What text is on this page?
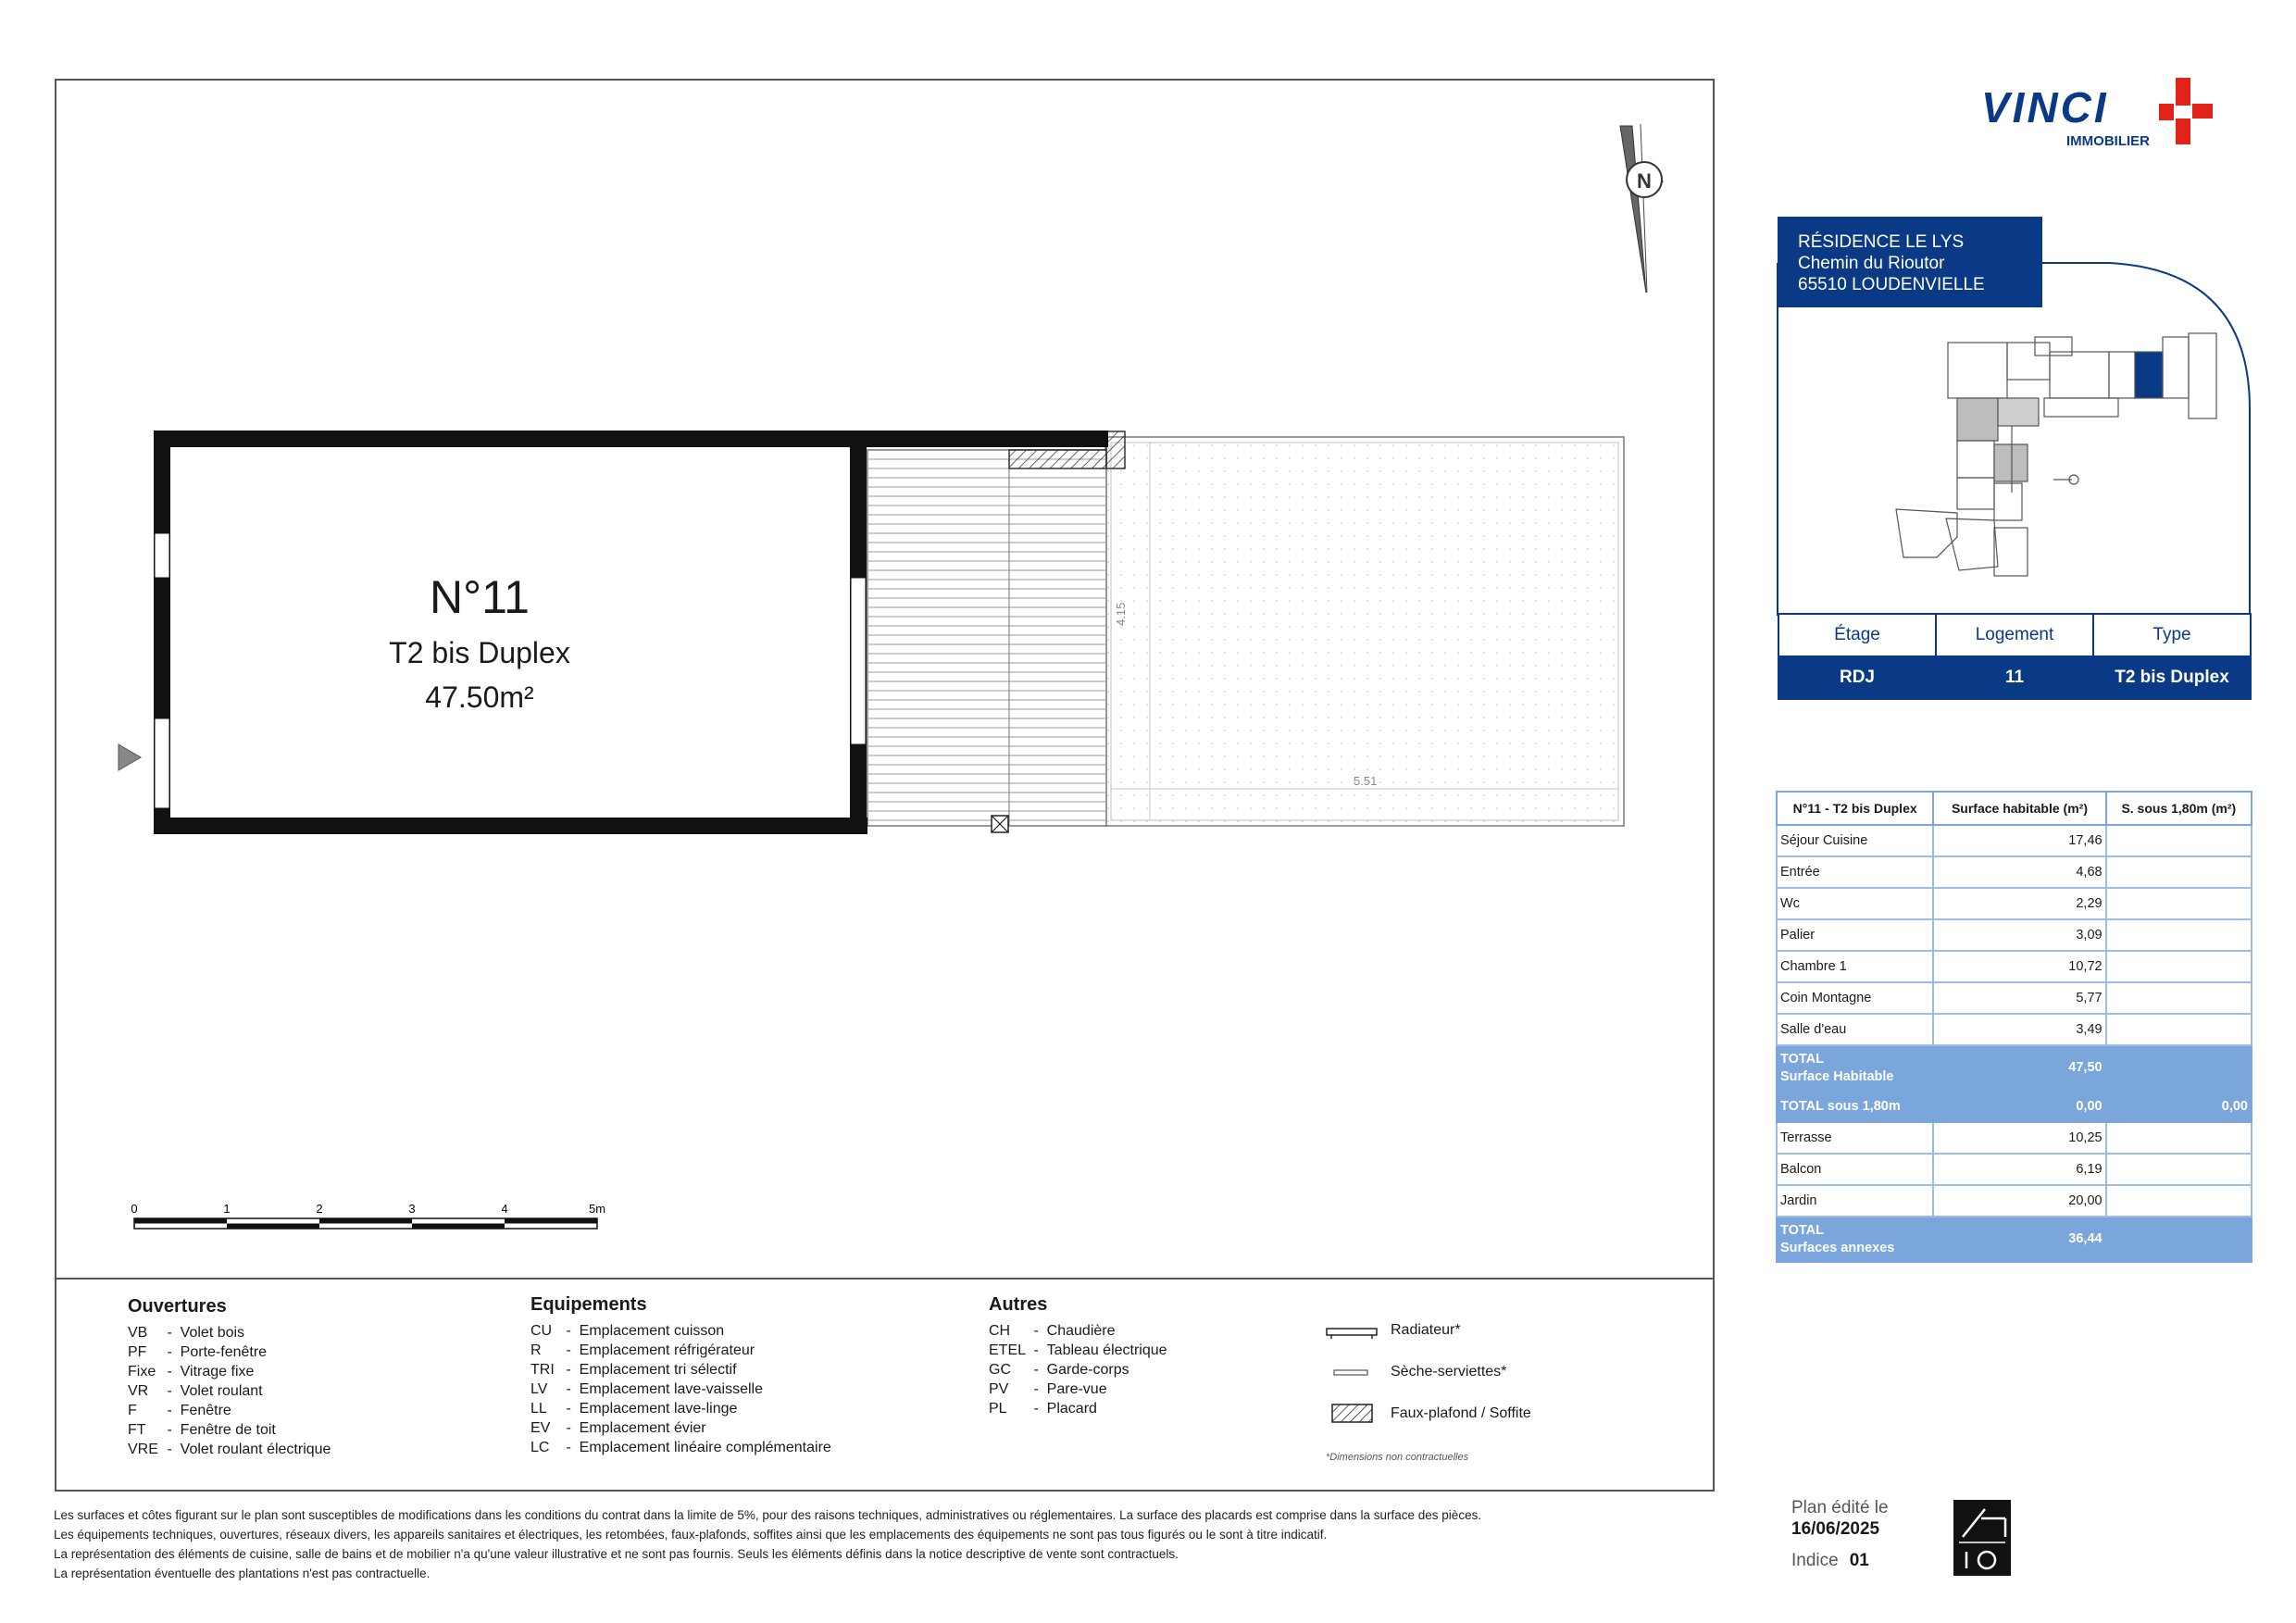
4.15
5.51
N°11
T2 bis Duplex
47.50m²
N
0	1	2	3	4	5m
Ouvertures
VB -  Volet bois
PF -  Porte-fenêtre
Fixe -  Vitrage fixe
VR -  Volet roulant
F -  Fenêtre
FT -  Fenêtre de toit
VRE -  Volet roulant électrique
Equipements
CU -  Emplacement cuisson
R -  Emplacement réfrigérateur
TRI -  Emplacement tri sélectif
LV -  Emplacement lave-vaisselle
LL -  Emplacement lave-linge
EV -  Emplacement évier
LC -  Emplacement linéaire complémentaire
Autres
CH -  Chaudière
ETEL -  Tableau électrique
GC -  Garde-corps
PV -  Pare-vue
PL -  Placard
Radiateur*
Sèche-serviettes*
Faux-plafond / Soffite
*Dimensions non contractuelles
Les surfaces et côtes figurant sur le plan sont susceptibles de modifications dans les conditions du contrat dans la limite de 5%, pour des raisons techniques, administratives ou réglementaires. La surface des placards est comprise dans la surface des pièces.
Les équipements techniques, ouvertures, réseaux divers, les appareils sanitaires et électriques, les retombées, faux-plafonds, soffites ainsi que les emplacements des équipements ne sont pas tous figurés ou le sont à titre indicatif.
La représentation des éléments de cuisine, salle de bains et de mobilier n'a qu'une valeur illustrative et ne sont pas fournis. Seuls les éléments définis dans la notice descriptive de vente sont contractuels.
La représentation éventuelle des plantations n'est pas contractuelle.
VINCI
IMMOBILIER
RÉSIDENCE LE LYS
Chemin du Rioutor
65510 LOUDENVIELLE
Étage	Logement	Type
RDJ	11	T2 bis Duplex
N°11 - T2 bis Duplex	Surface habitable (m²)	S. sous 1,80m (m²)
Séjour Cuisine	17,46	
Entrée	4,68	
Wc	2,29	
Palier	3,09	
Chambre 1	10,72	
Coin Montagne	5,77	
Salle d'eau	3,49	
TOTAL
Surface Habitable	47,50	
TOTAL sous 1,80m	0,00	0,00
Terrasse	10,25	
Balcon	6,19	
Jardin	20,00	
TOTAL
Surfaces annexes	36,44	
Plan édité le
16/06/2025
Indice 01
